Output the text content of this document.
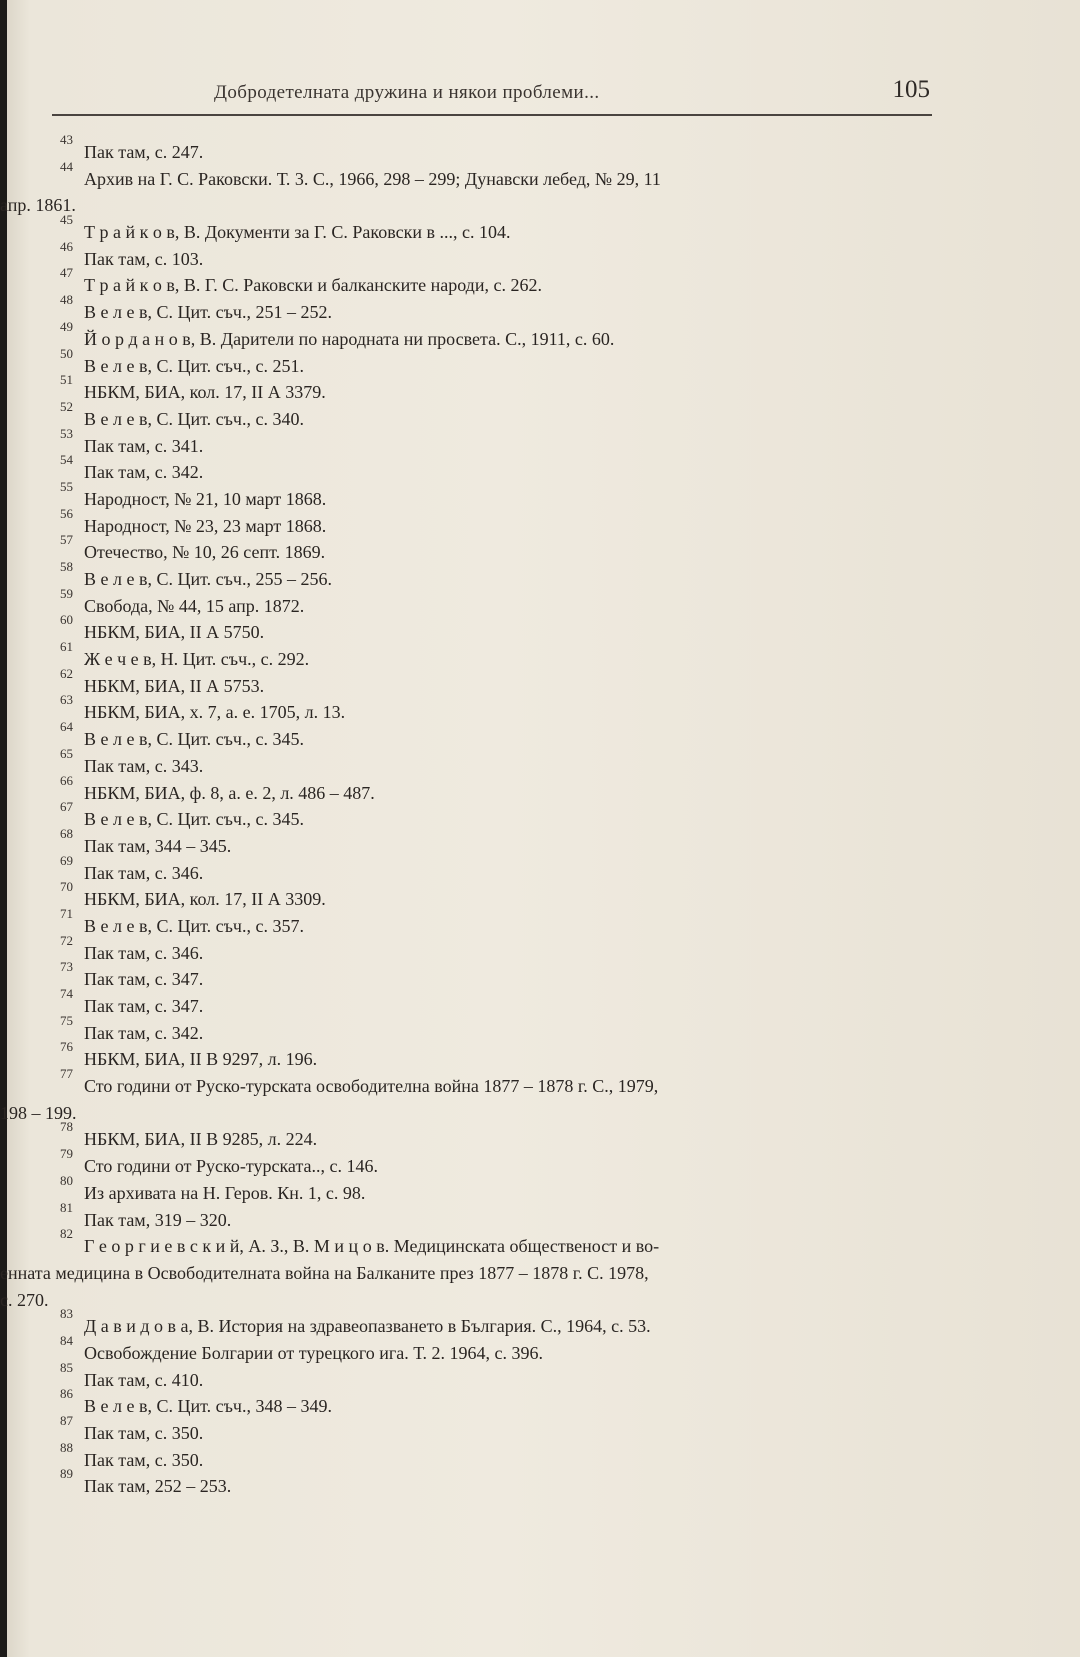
Добродетелната дружина и някои проблеми...	105
43
Пак там, с. 247.
44
Архив на Г. С. Раковски. Т. 3. С., 1966, 298 – 299; Дунавски лебед, № 29, 11
апр. 1861.
45
Т р а й к о в, В. Документи за Г. С. Раковски в ..., с. 104.
46
Пак там, с. 103.
47
Т р а й к о в, В. Г. С. Раковски и балканските народи, с. 262.
48
В е л е в, С. Цит. съч., 251 – 252.
49
Й о р д а н о в, В. Дарители по народната ни просвета. С., 1911, с. 60.
50
В е л е в, С. Цит. съч., с. 251.
51
НБКМ, БИА, кол. 17, II А 3379.
52
В е л е в, С. Цит. съч., с. 340.
53
Пак там, с. 341.
54
Пак там, с. 342.
55
Народност, № 21, 10 март 1868.
56
Народност, № 23, 23 март 1868.
57
Отечество, № 10, 26 септ. 1869.
58
В е л е в, С. Цит. съч., 255 – 256.
59
Свобода, № 44, 15 апр. 1872.
60
НБКМ, БИА, II А 5750.
61
Ж е ч е в, Н. Цит. съч., с. 292.
62
НБКМ, БИА, II А 5753.
63
НБКМ, БИА, х. 7, а. е. 1705, л. 13.
64
В е л е в, С. Цит. съч., с. 345.
65
Пак там, с. 343.
66
НБКМ, БИА, ф. 8, а. е. 2, л. 486 – 487.
67
В е л е в, С. Цит. съч., с. 345.
68
Пак там, 344 – 345.
69
Пак там, с. 346.
70
НБКМ, БИА, кол. 17, II А 3309.
71
В е л е в, С. Цит. съч., с. 357.
72
Пак там, с. 346.
73
Пак там, с. 347.
74
Пак там, с. 347.
75
Пак там, с. 342.
76
НБКМ, БИА, II В 9297, л. 196.
77
Сто години от Руско-турската освободителна война 1877 – 1878 г. С., 1979,
198 – 199.
78
НБКМ, БИА, II В 9285, л. 224.
79
Сто години от Руско-турската.., с. 146.
80
Из архивата на Н. Геров. Кн. 1, с. 98.
81
Пак там, 319 – 320.
82
Г е о р г и е в с к и й, А. З., В. М и ц о в. Медицинската общественост и во-
енната медицина в Освободителната война на Балканите през 1877 – 1878 г. С. 1978,
с. 270.
83
Д а в и д о в а, В. История на здравеопазването в България. С., 1964, с. 53.
84
Освобождение Болгарии от турецкого ига. Т. 2. 1964, с. 396.
85
Пак там, с. 410.
86
В е л е в, С. Цит. съч., 348 – 349.
87
Пак там, с. 350.
88
Пак там, с. 350.
89
Пак там, 252 – 253.
